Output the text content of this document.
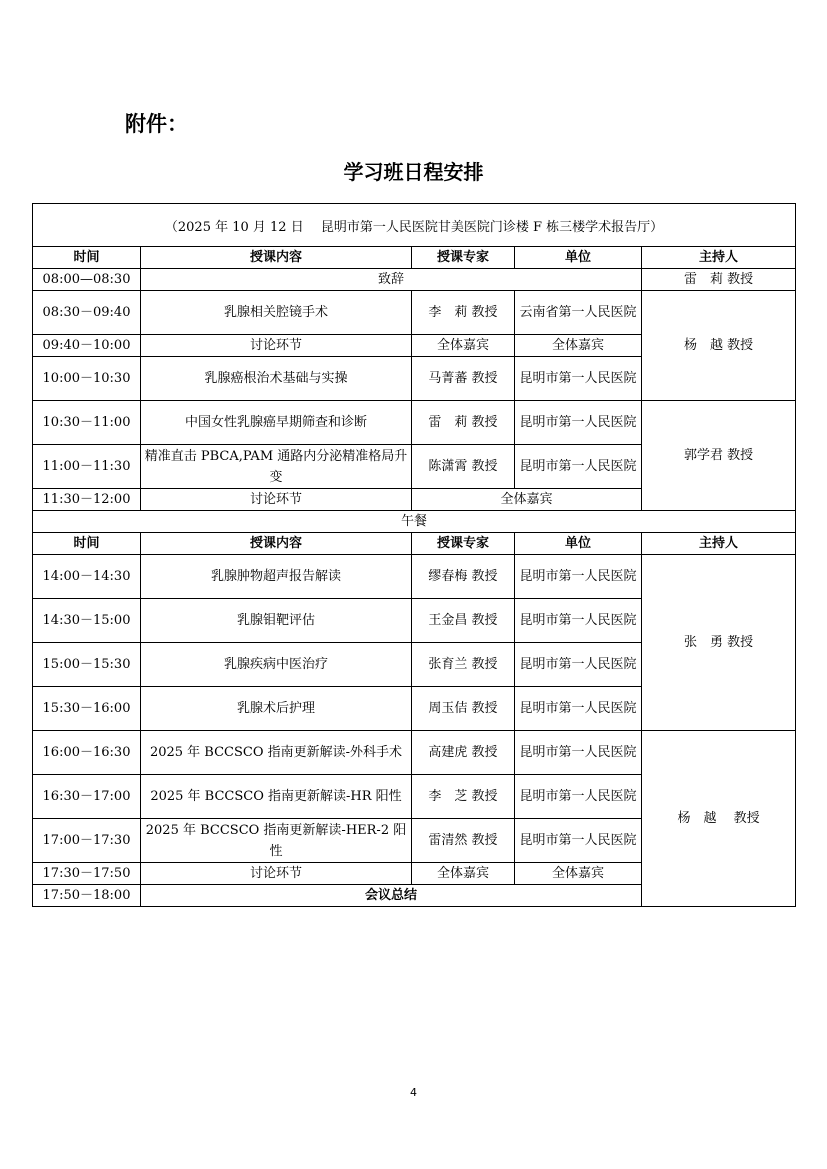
附件：
学习班日程安排
（2025 年 10 月 12 日　 昆明市第一人民医院甘美医院门诊楼 F 栋三楼学术报告厅）				
时间	授课内容	授课专家	单位	主持人
08:00—08:30	致辞			雷　莉 教授
08:30－09:40	乳腺相关腔镜手术	李　莉 教授	云南省第一人民医院	杨　越 教授
09:40－10:00	讨论环节	全体嘉宾	全体嘉宾	
10:00－10:30	乳腺癌根治术基础与实操	马菁蕃 教授	昆明市第一人民医院	
10:30－11:00	中国女性乳腺癌早期筛查和诊断	雷　莉 教授	昆明市第一人民医院	郭学君 教授
11:00－11:30	精准直击 PBCA,PAM 通路内分泌精准格局升变	陈潇霄 教授	昆明市第一人民医院	
11:30－12:00	讨论环节	全体嘉宾		
午餐				
时间	授课内容	授课专家	单位	主持人
14:00－14:30	乳腺肿物超声报告解读	缪春梅 教授	昆明市第一人民医院	张　勇 教授
14:30－15:00	乳腺钼靶评估	王金昌 教授	昆明市第一人民医院	
15:00－15:30	乳腺疾病中医治疗	张育兰 教授	昆明市第一人民医院	
15:30－16:00	乳腺术后护理	周玉佶 教授	昆明市第一人民医院	
16:00－16:30	2025 年 BCCSCO 指南更新解读-外科手术	高建虎 教授	昆明市第一人民医院	杨　越　 教授
16:30－17:00	2025 年 BCCSCO 指南更新解读-HR 阳性	李　芝 教授	昆明市第一人民医院	
17:00－17:30	2025 年 BCCSCO 指南更新解读-HER-2 阳性	雷清然 教授	昆明市第一人民医院	
17:30－17:50	讨论环节	全体嘉宾	全体嘉宾	
17:50－18:00	会议总结			
4
